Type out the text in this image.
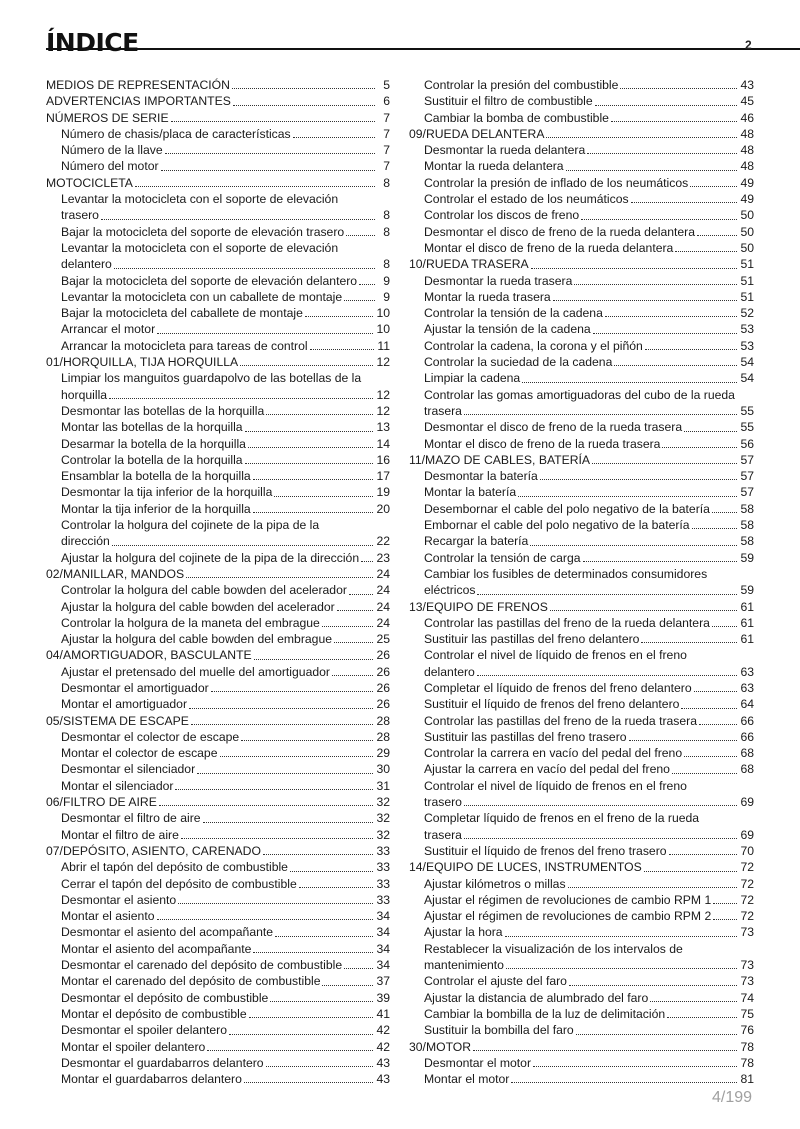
ÍNDICE	2
MEDIOS DE REPRESENTACIÓN	5
ADVERTENCIAS IMPORTANTES	6
NÚMEROS DE SERIE	7
Número de chasis/placa de características	7
Número de la llave	7
Número del motor	7
MOTOCICLETA	8
Levantar la motocicleta con el soporte de elevación
trasero	8
Bajar la motocicleta del soporte de elevación trasero	8
Levantar la motocicleta con el soporte de elevación
delantero	8
Bajar la motocicleta del soporte de elevación delantero	9
Levantar la motocicleta con un caballete de montaje	9
Bajar la motocicleta del caballete de montaje	10
Arrancar el motor	10
Arrancar la motocicleta para tareas de control	11
01/HORQUILLA, TIJA HORQUILLA	12
Limpiar los manguitos guardapolvo de las botellas de la
horquilla	12
Desmontar las botellas de la horquilla	12
Montar las botellas de la horquilla	13
Desarmar la botella de la horquilla	14
Controlar la botella de la horquilla	16
Ensamblar la botella de la horquilla	17
Desmontar la tija inferior de la horquilla	19
Montar la tija inferior de la horquilla	20
Controlar la holgura del cojinete de la pipa de la
dirección	22
Ajustar la holgura del cojinete de la pipa de la dirección 23
02/MANILLAR, MANDOS	24
Controlar la holgura del cable bowden del acelerador 24
Ajustar la holgura del cable bowden del acelerador	24
Controlar la holgura de la maneta del embrague	24
Ajustar la holgura del cable bowden del embrague	25
04/AMORTIGUADOR, BASCULANTE	26
Ajustar el pretensado del muelle del amortiguador	26
Desmontar el amortiguador	26
Montar el amortiguador	26
05/SISTEMA DE ESCAPE	28
Desmontar el colector de escape	28
Montar el colector de escape	29
Desmontar el silenciador	30
Montar el silenciador	31
06/FILTRO DE AIRE	32
Desmontar el filtro de aire	32
Montar el filtro de aire	32
07/DEPÓSITO, ASIENTO, CARENADO	33
Abrir el tapón del depósito de combustible	33
Cerrar el tapón del depósito de combustible	33
Desmontar el asiento	33
Montar el asiento	34
Desmontar el asiento del acompañante	34
Montar el asiento del acompañante	34
Desmontar el carenado del depósito de combustible	34
Montar el carenado del depósito de combustible	37
Desmontar el depósito de combustible	39
Montar el depósito de combustible	41
Desmontar el spoiler delantero	42
Montar el spoiler delantero	42
Desmontar el guardabarros delantero	43
Montar el guardabarros delantero	43
Controlar la presión del combustible	43
Sustituir el filtro de combustible	45
Cambiar la bomba de combustible	46
09/RUEDA DELANTERA	48
Desmontar la rueda delantera	48
Montar la rueda delantera	48
Controlar la presión de inflado de los neumáticos	49
Controlar el estado de los neumáticos	49
Controlar los discos de freno	50
Desmontar el disco de freno de la rueda delantera	50
Montar el disco de freno de la rueda delantera	50
10/RUEDA TRASERA	51
Desmontar la rueda trasera	51
Montar la rueda trasera	51
Controlar la tensión de la cadena	52
Ajustar la tensión de la cadena	53
Controlar la cadena, la corona y el piñón	53
Controlar la suciedad de la cadena	54
Limpiar la cadena	54
Controlar las gomas amortiguadoras del cubo de la rueda
trasera	55
Desmontar el disco de freno de la rueda trasera	55
Montar el disco de freno de la rueda trasera	56
11/MAZO DE CABLES, BATERÍA	57
Desmontar la batería	57
Montar la batería	57
Desembornar el cable del polo negativo de la batería	58
Embornar el cable del polo negativo de la batería	58
Recargar la batería	58
Controlar la tensión de carga	59
Cambiar los fusibles de determinados consumidores
eléctricos	59
13/EQUIPO DE FRENOS	61
Controlar las pastillas del freno de la rueda delantera	61
Sustituir las pastillas del freno delantero	61
Controlar el nivel de líquido de frenos en el freno
delantero	63
Completar el líquido de frenos del freno delantero	63
Sustituir el líquido de frenos del freno delantero	64
Controlar las pastillas del freno de la rueda trasera	66
Sustituir las pastillas del freno trasero	66
Controlar la carrera en vacío del pedal del freno	68
Ajustar la carrera en vacío del pedal del freno	68
Controlar el nivel de líquido de frenos en el freno
trasero	69
Completar líquido de frenos en el freno de la rueda
trasera	69
Sustituir el líquido de frenos del freno trasero	70
14/EQUIPO DE LUCES, INSTRUMENTOS	72
Ajustar kilómetros o millas	72
Ajustar el régimen de revoluciones de cambio RPM 1 72
Ajustar el régimen de revoluciones de cambio RPM 2 72
Ajustar la hora	73
Restablecer la visualización de los intervalos de
mantenimiento	73
Controlar el ajuste del faro	73
Ajustar la distancia de alumbrado del faro	74
Cambiar la bombilla de la luz de delimitación	75
Sustituir la bombilla del faro	76
30/MOTOR	78
Desmontar el motor	78
Montar el motor	81
4/199
